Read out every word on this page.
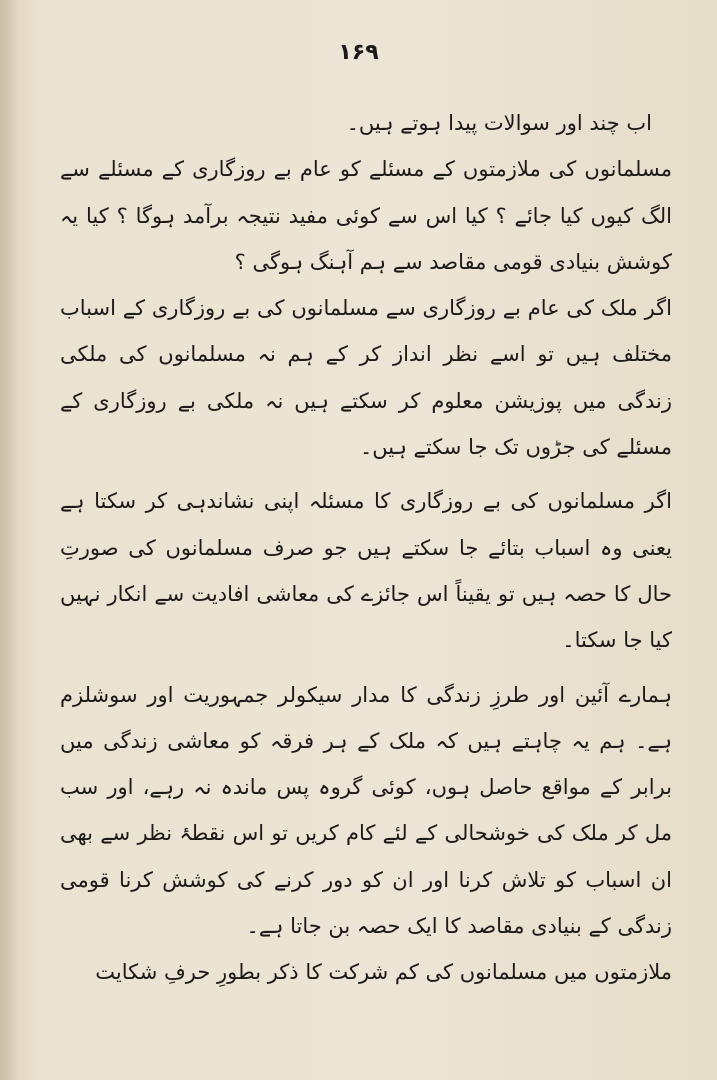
۱۶۹

اب چند اور سوالات پیدا ہوتے ہیں۔

مسلمانوں کی ملازمتوں کے مسئلے کو عام بے روزگاری کے مسئلے سے الگ کیوں کیا جائے ؟ کیا اس سے کوئی مفید نتیجہ برآمد ہوگا ؟ کیا یہ کوشش بنیادی قومی مقاصد سے ہم آہنگ ہوگی ؟

اگر ملک کی عام بے روزگاری سے مسلمانوں کی بے روزگاری کے اسباب مختلف ہیں تو اسے نظر انداز کر کے ہم نہ مسلمانوں کی ملکی زندگی میں پوزیشن معلوم کر سکتے ہیں نہ ملکی بے روزگاری کے مسئلے کی جڑوں تک جا سکتے ہیں۔

اگر مسلمانوں کی بے روزگاری کا مسئلہ اپنی نشاندہی کر سکتا ہے یعنی وہ اسباب بتائے جا سکتے ہیں جو صرف مسلمانوں کی صورتِ حال کا حصہ ہیں تو یقیناً اس جائزے کی معاشی افادیت سے انکار نہیں کیا جا سکتا۔

ہمارے آئین اور طرزِ زندگی کا مدار سیکولر جمہوریت اور سوشلزم ہے۔ ہم یہ چاہتے ہیں کہ ملک کے ہر فرقہ کو معاشی زندگی میں برابر کے مواقع حاصل ہوں، کوئی گروہ پس ماندہ نہ رہے، اور سب مل کر ملک کی خوشحالی کے لئے کام کریں تو اس نقطۂ نظر سے بھی ان اسباب کو تلاش کرنا اور ان کو دور کرنے کی کوشش کرنا قومی زندگی کے بنیادی مقاصد کا ایک حصہ بن جاتا ہے۔

ملازمتوں میں مسلمانوں کی کم شرکت کا ذکر بطورِ حرفِ شکایت
